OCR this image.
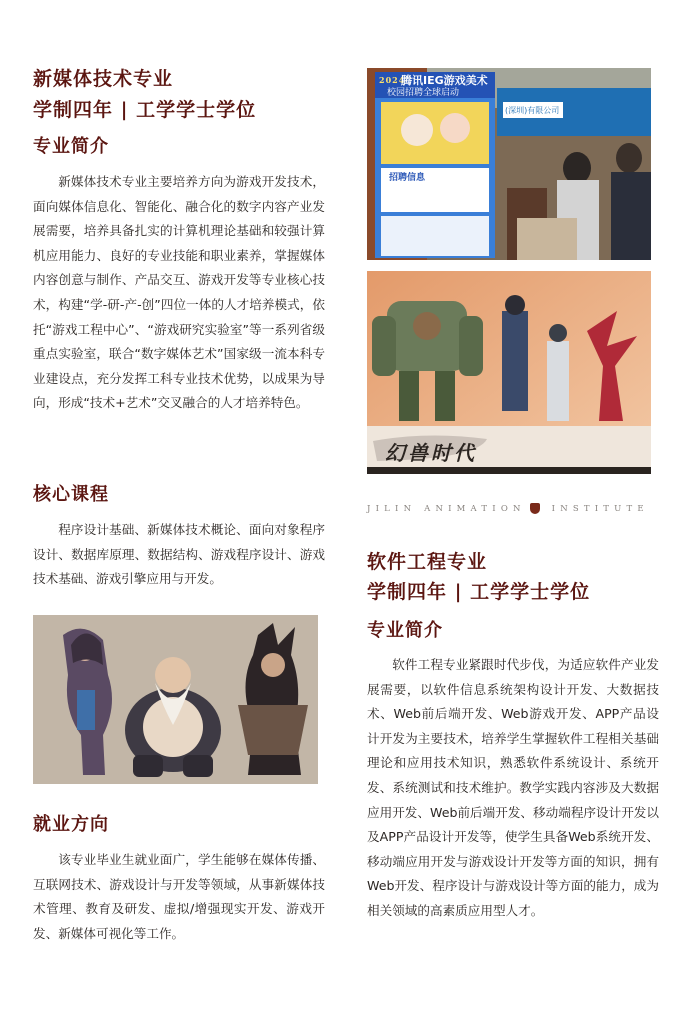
新媒体技术专业
学制四年 | 工学学士学位
专业简介

新媒体技术专业主要培养方向为游戏开发技术，面向媒体信息化、智能化、融合化的数字内容产业发展需要，培养具备扎实的计算机理论基础和较强计算机应用能力、良好的专业技能和职业素养，掌握媒体内容创意与制作、产品交互、游戏开发等专业核心技术，构建“学-研-产-创”四位一体的人才培养模式，依托“游戏工程中心”、“游戏研究实验室”等一系列省级重点实验室，联合“数字媒体艺术”国家级一流本科专业建设点，充分发挥工科专业技术优势，以成果为导向，形成“技术+艺术”交叉融合的人才培养特色。

核心课程

程序设计基础、新媒体技术概论、面向对象程序设计、数据库原理、数据结构、游戏程序设计、游戏技术基础、游戏引擎应用与开发。

就业方向

该专业毕业生就业面广，学生能够在媒体传播、互联网技术、游戏设计与开发等领域，从事新媒体技术管理、教育及研发、虚拟/增强现实开发、游戏开发、新媒体可视化等工作。

2024
腾讯IEG游戏美术
校园招聘全球启动
招聘信息
(深圳)有限公司
幻兽时代
JILIN ANIMATION	INSTITUTE
软件工程专业
学制四年 | 工学学士学位
专业简介

软件工程专业紧跟时代步伐，为适应软件产业发展需要，以软件信息系统架构设计开发、大数据技术、Web前后端开发、Web游戏开发、APP产品设计开发为主要技术，培养学生掌握软件工程相关基础理论和应用技术知识，熟悉软件系统设计、系统开发、系统测试和技术维护。教学实践内容涉及大数据应用开发、Web前后端开发、移动端程序设计开发以及APP产品设计开发等，使学生具备Web系统开发、移动端应用开发与游戏设计开发等方面的知识，拥有Web开发、程序设计与游戏设计等方面的能力，成为相关领域的高素质应用型人才。
